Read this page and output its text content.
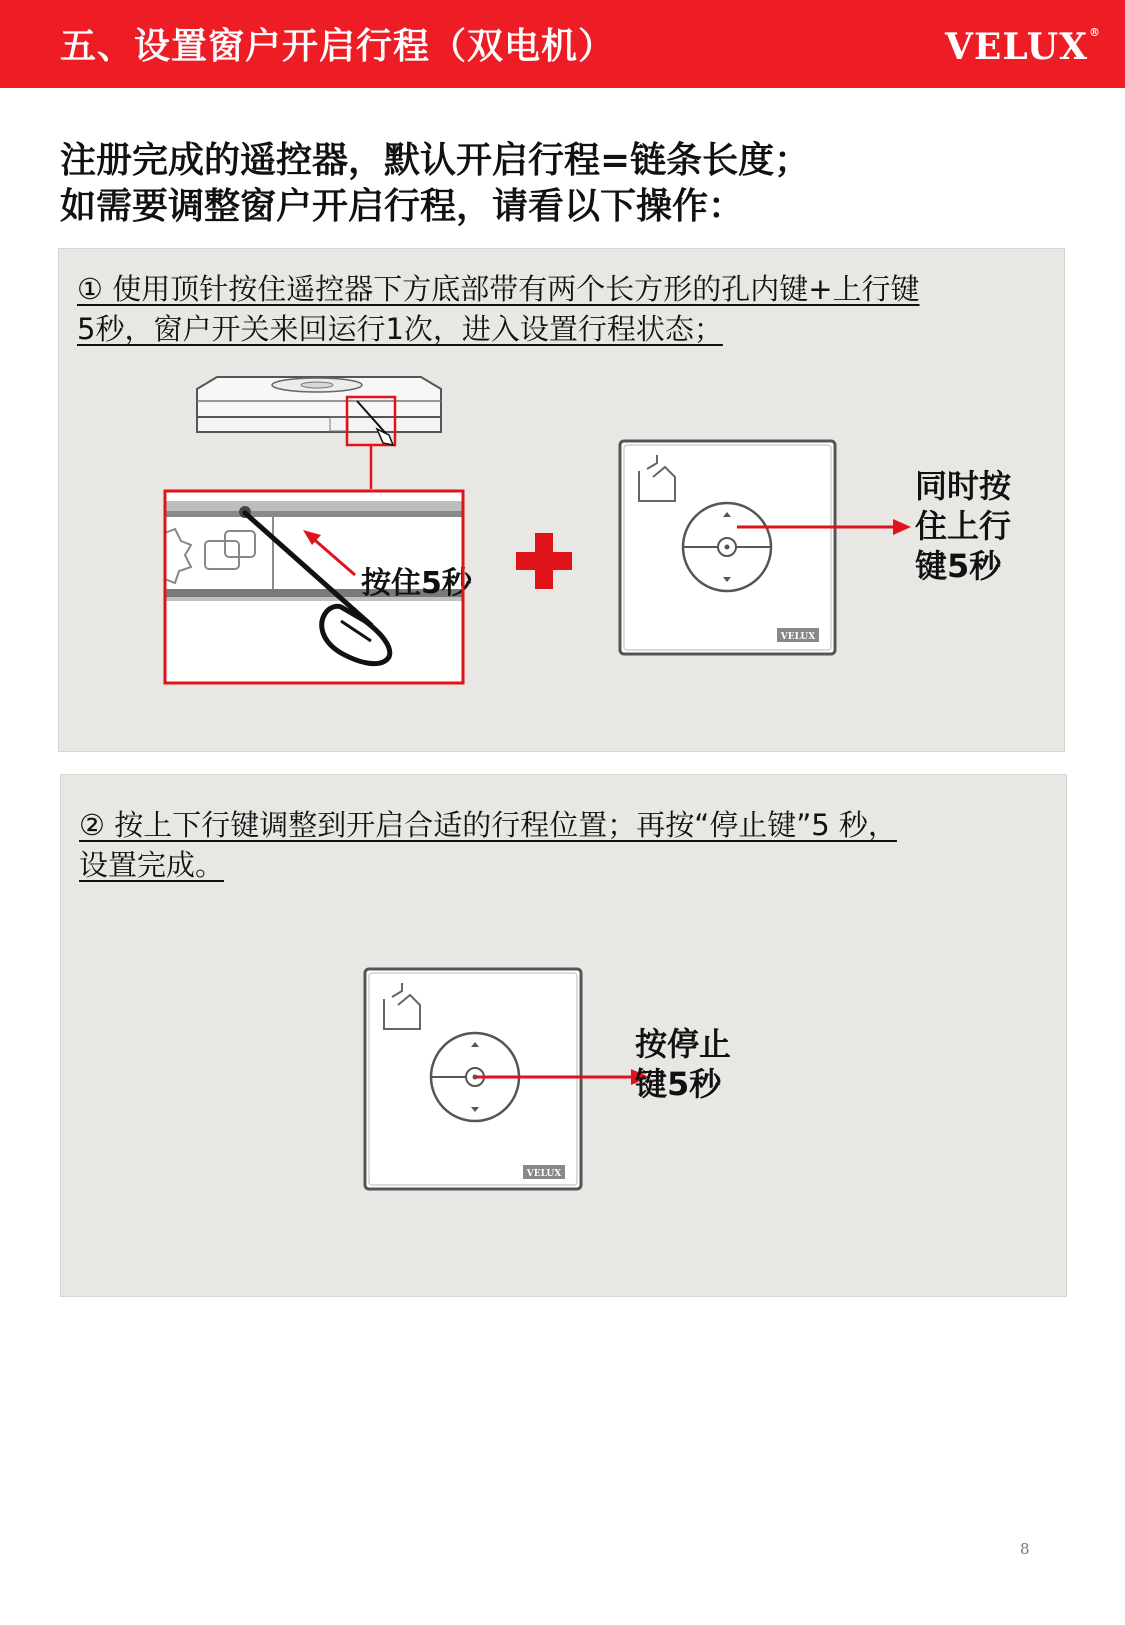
五、设置窗户开启行程（双电机）	VELUX®
注册完成的遥控器，默认开启行程=链条长度；
如需要调整窗户开启行程，请看以下操作：
① 使用顶针按住遥控器下方底部带有两个长方形的孔内键+上行键
5秒，窗户开关来回运行1次，进入设置行程状态；
按住5秒
VELUX
同时按 住上行 键5秒
② 按上下行键调整到开启合适的行程位置；再按“停止键”5 秒，
设置完成。
VELUX
按停止 键5秒
8
